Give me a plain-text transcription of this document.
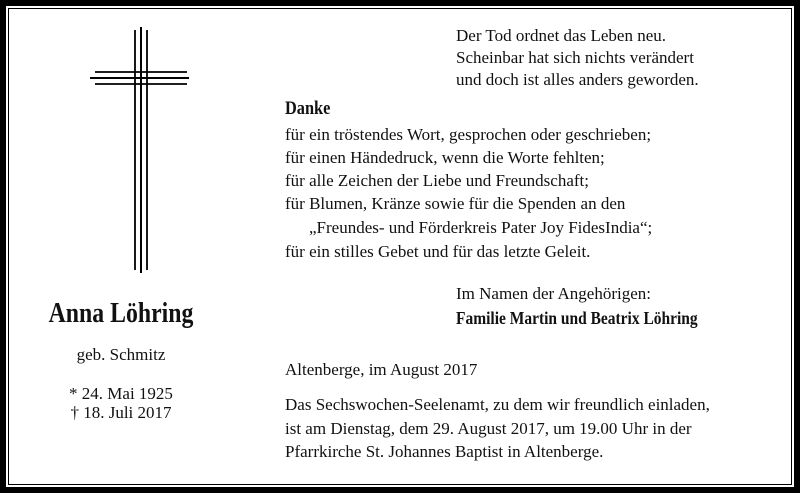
Anna Löhring
geb. Schmitz
* 24. Mai 1925
† 18. Juli 2017
Der Tod ordnet das Leben neu.
Scheinbar hat sich nichts verändert
und doch ist alles anders geworden.
Danke
für ein tröstendes Wort, gesprochen oder geschrieben;
für einen Händedruck, wenn die Worte fehlten;
für alle Zeichen der Liebe und Freundschaft;
für Blumen, Kränze sowie für die Spenden an den
„Freundes- und Förderkreis Pater Joy FidesIndia“;
für ein stilles Gebet und für das letzte Geleit.
Im Namen der Angehörigen:
Familie Martin und Beatrix Löhring
Altenberge, im August 2017
Das Sechswochen-Seelenamt, zu dem wir freundlich einladen,
ist am Dienstag, dem 29. August 2017, um 19.00 Uhr in der
Pfarrkirche St. Johannes Baptist in Altenberge.
